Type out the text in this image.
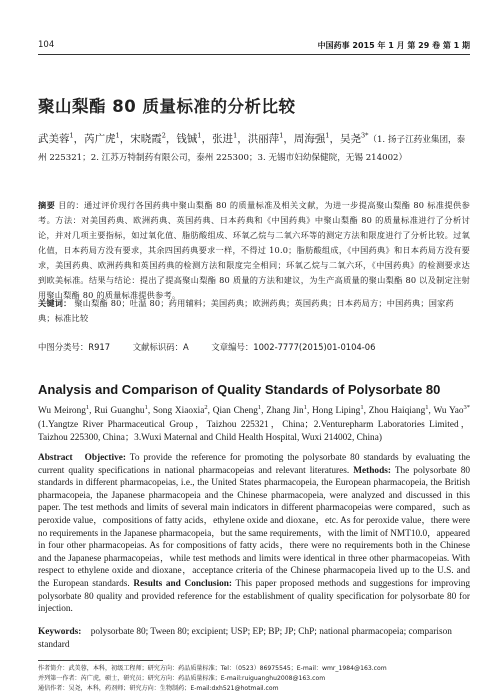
104	中国药事 2015 年 1 月 第 29 卷 第 1 期
聚山梨酯 80 质量标准的分析比较
武美蓉$^1$，芮广虎$^1$，宋晓霞$^2$，钱铖$^1$，张进$^1$，洪丽萍$^1$，周海强$^1$，吴尧$^{3*}$（1. 扬子江药业集团，泰州 225321；2. 江苏万特制药有限公司，泰州 225300；3. 无锡市妇幼保健院，无锡 214002）
摘要 目的：通过评价现行各国药典中聚山梨酯 80 的质量标准及相关文献，为进一步提高聚山梨酯 80 标准提供参考。方法：对美国药典、欧洲药典、英国药典、日本药典和《中国药典》中聚山梨酯 80 的质量标准进行了分析讨论，并对几项主要指标，如过氧化值、脂肪酸组成、环氧乙烷与二氧六环等的测定方法和限度进行了分析比较。过氧化值，日本药局方没有要求，其余四国药典要求一样，不得过 10.0；脂肪酸组成，《中国药典》和日本药局方没有要求，美国药典、欧洲药典和英国药典的检测方法和限度完全相同；环氧乙烷与二氧六环，《中国药典》的检测要求达到欧美标准。结果与结论：提出了提高聚山梨酯 80 质量的方法和建议，为生产高质量的聚山梨酯 80 以及制定注射用聚山梨酯 80 的质量标准提供参考。
关键词： 聚山梨酯 80；吐温 80；药用辅料；美国药典；欧洲药典；英国药典；日本药局方；中国药典；国家药典；标准比较
中图分类号：R917	文献标识码：A	文章编号：1002-7777(2015)01-0104-06
Analysis and Comparison of Quality Standards of Polysorbate 80
Wu Meirong$^1$, Rui Guanghu$^1$, Song Xiaoxia$^2$, Qian Cheng$^1$, Zhang Jin$^1$, Hong Liping$^1$, Zhou Haiqiang$^1$, Wu Yao$^{3*}$ (1.Yangtze River Pharmaceutical Group，Taizhou 225321，China；2.Venturepharm Laboratories Limited，Taizhou 225300, China；3.Wuxi Maternal and Child Health Hospital, Wuxi 214002, China)
Abstract Objective: To provide the reference for promoting the polysorbate 80 standards by evaluating the current quality specifications in national pharmacopeias and relevant literatures. Methods: The polysorbate 80 standards in different pharmacopeias, i.e., the United States pharmacopeia, the European pharmacopeia, the British pharmacopeia, the Japanese pharmacopeia and the Chinese pharmacopeia, were analyzed and discussed in this paper. The test methods and limits of several main indicators in different pharmacopeias were compared，such as peroxide value，compositions of fatty acids，ethylene oxide and dioxane，etc. As for peroxide value，there were no requirements in the Japanese pharmacopeia，but the same requirements，with the limit of NMT10.0，appeared in four other pharmacopeias. As for compositions of fatty acids，there were no requirements both in the Chinese and the Japanese pharmacopeias，while test methods and limits were identical in three other pharmacopeias. With respect to ethylene oxide and dioxane，acceptance criteria of the Chinese pharmacopeia lived up to the U.S. and the European standards. Results and Conclusion: This paper proposed methods and suggestions for improving polysorbate 80 quality and provided reference for the establishment of quality specification for polysorbate 80 for injection.
Keywords: polysorbate 80; Tween 80; excipient; USP; EP; BP; JP; ChP; national pharmacopeia; comparison standard
作者简介：武美蓉，本科，初级工程师；研究方向：药品质量标准；Tel：（0523）86975545；E-mail：wmr_1984@163.com
并列第一作者：芮广虎，硕士，研究员；研究方向：药品质量标准；E-mail:ruiguanghu2008@163.com
通信作者：吴尧，本科，药剂师；研究方向：生物制药；E-mail:dxh521@hotmail.com
